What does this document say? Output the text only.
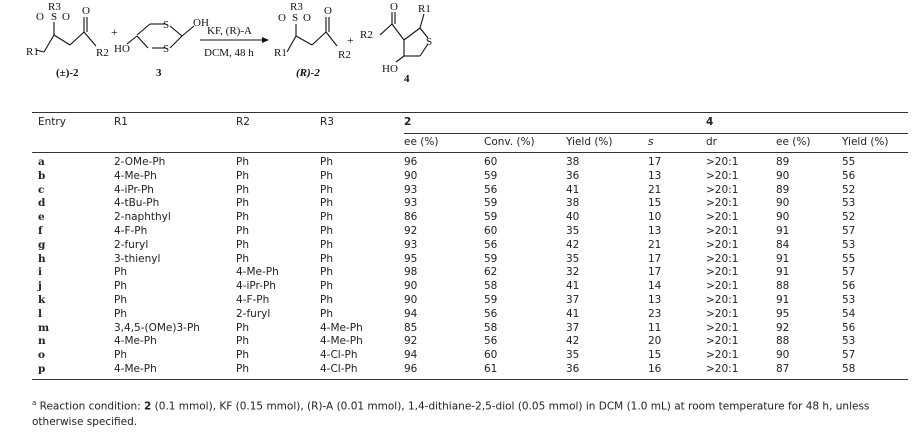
R3
O S O O
R1	R2
(±)-2
+	S
S
OH
HO
3
KF, (R)-A
DCM, 48 h
R3
O S O
O
R1	R2
(R)-2
+ R2
O R1
S
HO
4
Entry	R1	R2	R3	2				4		
				ee (%)	Conv. (%)	Yield (%)	s	dr	ee (%)	Yield (%)
a	2-OMe-Ph	Ph	Ph	96	60	38	17	>20:1	89	55
b	4-Me-Ph	Ph	Ph	90	59	36	13	>20:1	90	56
c	4-iPr-Ph	Ph	Ph	93	56	41	21	>20:1	89	52
d	4-tBu-Ph	Ph	Ph	93	59	38	15	>20:1	90	53
e	2-naphthyl	Ph	Ph	86	59	40	10	>20:1	90	52
f	4-F-Ph	Ph	Ph	92	60	35	13	>20:1	91	57
g	2-furyl	Ph	Ph	93	56	42	21	>20:1	84	53
h	3-thienyl	Ph	Ph	95	59	35	17	>20:1	91	55
i	Ph	4-Me-Ph	Ph	98	62	32	17	>20:1	91	57
j	Ph	4-iPr-Ph	Ph	90	58	41	14	>20:1	88	56
k	Ph	4-F-Ph	Ph	90	59	37	13	>20:1	91	53
l	Ph	2-furyl	Ph	94	56	41	23	>20:1	95	54
m	3,4,5-(OMe)3-Ph	Ph	4-Me-Ph	85	58	37	11	>20:1	92	56
n	4-Me-Ph	Ph	4-Me-Ph	92	56	42	20	>20:1	88	53
o	Ph	Ph	4-Cl-Ph	94	60	35	15	>20:1	90	57
p	4-Me-Ph	Ph	4-Cl-Ph	96	61	36	16	>20:1	87	58
$^a$ Reaction condition: 2 (0.1 mmol), KF (0.15 mmol), (R)-A (0.01 mmol), 1,4-dithiane-2,5-diol (0.05 mmol) in DCM (1.0 mL) at room temperature for 48 h, unless otherwise specified.
